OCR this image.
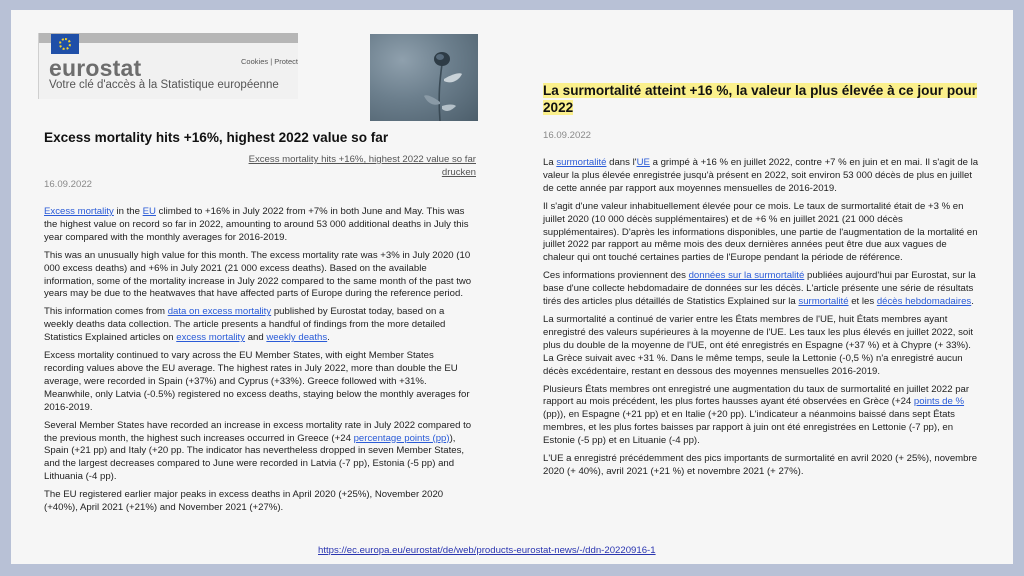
eurostat	Cookies | Protect
Votre clé d'accès à la Statistique européenne
Excess mortality hits +16%, highest 2022 value so far
Excess mortality hits +16%, highest 2022 value so far
drucken
16.09.2022

Excess mortality in the EU climbed to +16% in July 2022 from +7% in both June and May. This was the highest value on record so far in 2022, amounting to around 53 000 additional deaths in July this year compared with the monthly averages for 2016-2019.

This was an unusually high value for this month. The excess mortality rate was +3% in July 2020 (10 000 excess deaths) and +6% in July 2021 (21 000 excess deaths). Based on the available information, some of the mortality increase in July 2022 compared to the same month of the past two years may be due to the heatwaves that have affected parts of Europe during the reference period.

This information comes from data on excess mortality published by Eurostat today, based on a weekly deaths data collection. The article presents a handful of findings from the more detailed Statistics Explained articles on excess mortality and weekly deaths.

Excess mortality continued to vary across the EU Member States, with eight Member States recording values above the EU average. The highest rates in July 2022, more than double the EU average, were recorded in Spain (+37%) and Cyprus (+33%). Greece followed with +31%. Meanwhile, only Latvia (-0.5%) registered no excess deaths, staying below the monthly averages for 2016-2019.

Several Member States have recorded an increase in excess mortality rate in July 2022 compared to the previous month, the highest such increases occurred in Greece (+24 percentage points (pp)), Spain (+21 pp) and Italy (+20 pp. The indicator has nevertheless dropped in seven Member States, and the largest decreases compared to June were recorded in Latvia (-7 pp), Estonia (-5 pp) and Lithuania (-4 pp).

The EU registered earlier major peaks in excess deaths in April 2020 (+25%), November 2020 (+40%), April 2021 (+21%) and November 2021 (+27%).

La surmortalité atteint +16 %, la valeur la plus élevée à ce jour pour 2022
16.09.2022

La surmortalité dans l'UE a grimpé à +16 % en juillet 2022, contre +7 % en juin et en mai. Il s'agit de la valeur la plus élevée enregistrée jusqu'à présent en 2022, soit environ 53 000 décès de plus en juillet de cette année par rapport aux moyennes mensuelles de 2016-2019.

Il s'agit d'une valeur inhabituellement élevée pour ce mois. Le taux de surmortalité était de +3 % en juillet 2020 (10 000 décès supplémentaires) et de +6 % en juillet 2021 (21 000 décès supplémentaires). D'après les informations disponibles, une partie de l'augmentation de la mortalité en juillet 2022 par rapport au même mois des deux dernières années peut être due aux vagues de chaleur qui ont touché certaines parties de l'Europe pendant la période de référence.

Ces informations proviennent des données sur la surmortalité publiées aujourd'hui par Eurostat, sur la base d'une collecte hebdomadaire de données sur les décès. L'article présente une série de résultats tirés des articles plus détaillés de Statistics Explained sur la surmortalité et les décès hebdomadaires.

La surmortalité a continué de varier entre les États membres de l'UE, huit États membres ayant enregistré des valeurs supérieures à la moyenne de l'UE. Les taux les plus élevés en juillet 2022, soit plus du double de la moyenne de l'UE, ont été enregistrés en Espagne (+37 %) et à Chypre (+ 33%). La Grèce suivait avec +31 %. Dans le même temps, seule la Lettonie (-0,5 %) n'a enregistré aucun décès excédentaire, restant en dessous des moyennes mensuelles 2016-2019.

Plusieurs États membres ont enregistré une augmentation du taux de surmortalité en juillet 2022 par rapport au mois précédent, les plus fortes hausses ayant été observées en Grèce (+24 points de % (pp)), en Espagne (+21 pp) et en Italie (+20 pp). L'indicateur a néanmoins baissé dans sept États membres, et les plus fortes baisses par rapport à juin ont été enregistrées en Lettonie (-7 pp), en Estonie (-5 pp) et en Lituanie (-4 pp).

L'UE a enregistré précédemment des pics importants de surmortalité en avril 2020 (+ 25%), novembre 2020 (+ 40%), avril 2021 (+21 %) et novembre 2021 (+ 27%).

https://ec.europa.eu/eurostat/de/web/products-eurostat-news/-/ddn-20220916-1
